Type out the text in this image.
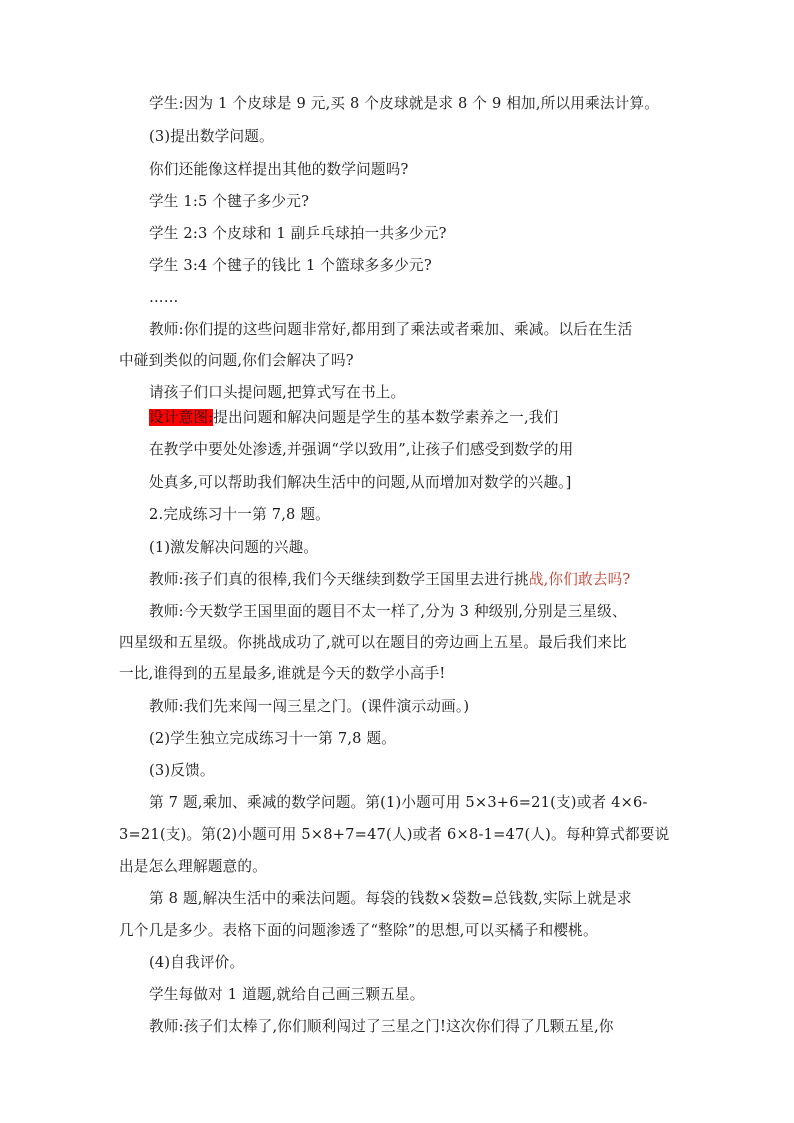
学生:因为 1 个皮球是 9 元,买 8 个皮球就是求 8 个 9 相加,所以用乘法计算。
(3)提出数学问题。
你们还能像这样提出其他的数学问题吗?
学生 1:5 个毽子多少元?
学生 2:3 个皮球和 1 副乒乓球拍一共多少元?
学生 3:4 个毽子的钱比 1 个篮球多多少元?
……
教师:你们提的这些问题非常好,都用到了乘法或者乘加、乘减。以后在生活
中碰到类似的问题,你们会解决了吗?
请孩子们口头提问题,把算式写在书上。
设计意图:提出问题和解决问题是学生的基本数学素养之一,我们
在教学中要处处渗透,并强调“学以致用”,让孩子们感受到数学的用
处真多,可以帮助我们解决生活中的问题,从而增加对数学的兴趣。]
2.完成练习十一第 7,8 题。
(1)激发解决问题的兴趣。
教师:孩子们真的很棒,我们今天继续到数学王国里去进行挑战,你们敢去吗?
教师:今天数学王国里面的题目不太一样了,分为 3 种级别,分别是三星级、
四星级和五星级。你挑战成功了,就可以在题目的旁边画上五星。最后我们来比
一比,谁得到的五星最多,谁就是今天的数学小高手!
教师:我们先来闯一闯三星之门。(课件演示动画。)
(2)学生独立完成练习十一第 7,8 题。
(3)反馈。
第 7 题,乘加、乘减的数学问题。第(1)小题可用 5×3+6=21(支)或者 4×6-
3=21(支)。第(2)小题可用 5×8+7=47(人)或者 6×8-1=47(人)。每种算式都要说
出是怎么理解题意的。
第 8 题,解决生活中的乘法问题。每袋的钱数×袋数=总钱数,实际上就是求
几个几是多少。表格下面的问题渗透了“整除”的思想,可以买橘子和樱桃。
(4)自我评价。
学生每做对 1 道题,就给自己画三颗五星。
教师:孩子们太棒了,你们顺利闯过了三星之门!这次你们得了几颗五星,你
